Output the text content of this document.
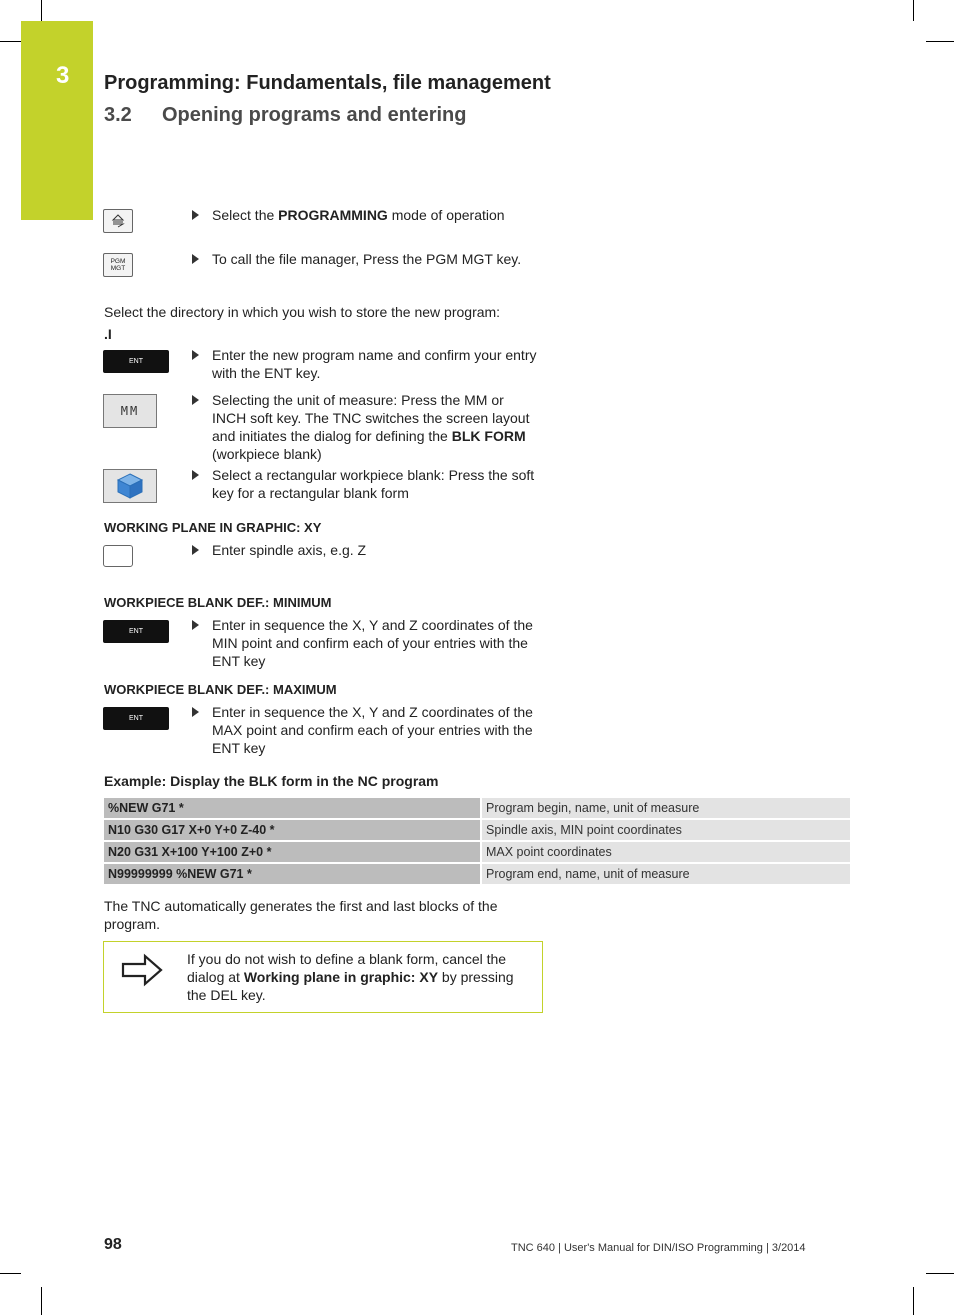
3 Programming: Fundamentals, file management
3.2 Opening programs and entering
Select the PROGRAMMING mode of operation
PGM
MGT
To call the file manager, Press the PGM MGT key.
Select the directory in which you wish to store the new program:
.I
ENT	Enter the new program name and confirm your entry with the ENT key.
MM
Selecting the unit of measure: Press the MM or INCH soft key. The TNC switches the screen layout and initiates the dialog for defining the BLK FORM (workpiece blank)
Select a rectangular workpiece blank: Press the soft key for a rectangular blank form
WORKING PLANE IN GRAPHIC: XY
Enter spindle axis, e.g. Z
WORKPIECE BLANK DEF.: MINIMUM
ENT	Enter in sequence the X, Y and Z coordinates of the MIN point and confirm each of your entries with the ENT key
WORKPIECE BLANK DEF.: MAXIMUM
ENT	Enter in sequence the X, Y and Z coordinates of the MAX point and confirm each of your entries with the ENT key
Example: Display the BLK form in the NC program
%NEW G71 *	Program begin, name, unit of measure
N10 G30 G17 X+0 Y+0 Z-40 *	Spindle axis, MIN point coordinates
N20 G31 X+100 Y+100 Z+0 *	MAX point coordinates
N99999999 %NEW G71 *	Program end, name, unit of measure
The TNC automatically generates the first and last blocks of the program.
If you do not wish to define a blank form, cancel the dialog at Working plane in graphic: XY by pressing the DEL key.
98	TNC 640 | User's Manual for DIN/ISO Programming | 3/2014
